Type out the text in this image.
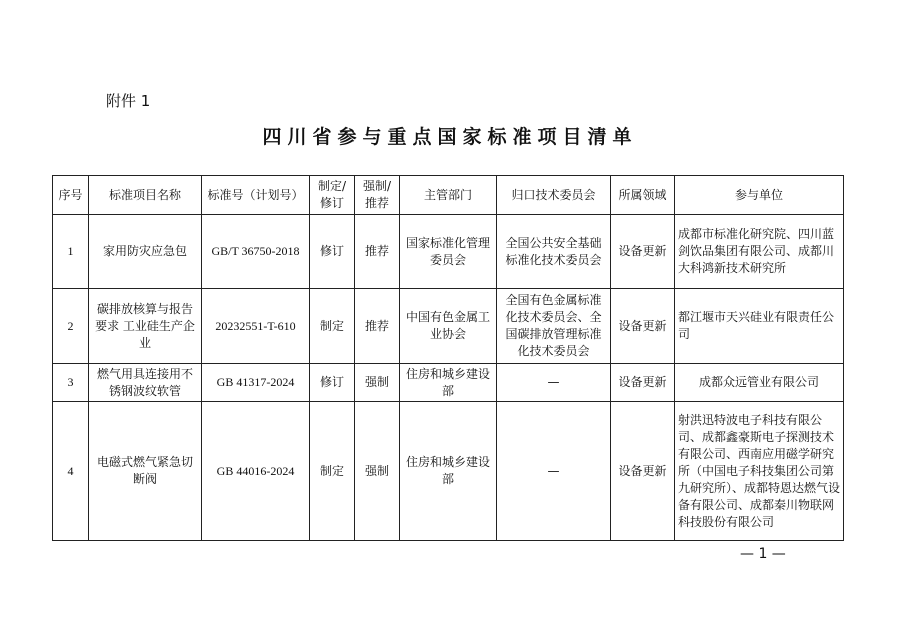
附件 1
四川省参与重点国家标准项目清单
序号	标准项目名称	标准号（计划号）	制定/修订	强制/推荐	主管部门	归口技术委员会	所属领域	参与单位
1	家用防灾应急包	GB/T 36750-2018	修订	推荐	国家标准化管理委员会	全国公共安全基础标准化技术委员会	设备更新	成都市标准化研究院、四川蓝剑饮品集团有限公司、成都川大科鸿新技术研究所
2	碳排放核算与报告要求 工业硅生产企业	20232551-T-610	制定	推荐	中国有色金属工业协会	全国有色金属标准化技术委员会、全国碳排放管理标准化技术委员会	设备更新	都江堰市天兴硅业有限责任公司
3	燃气用具连接用不锈钢波纹软管	GB 41317-2024	修订	强制	住房和城乡建设部	—	设备更新	成都众远管业有限公司
4	电磁式燃气紧急切断阀	GB 44016-2024	制定	强制	住房和城乡建设部	—	设备更新	射洪迅特波电子科技有限公司、成都鑫豪斯电子探测技术有限公司、西南应用磁学研究所（中国电子科技集团公司第九研究所）、成都特恩达燃气设备有限公司、成都秦川物联网科技股份有限公司
— 1 —
